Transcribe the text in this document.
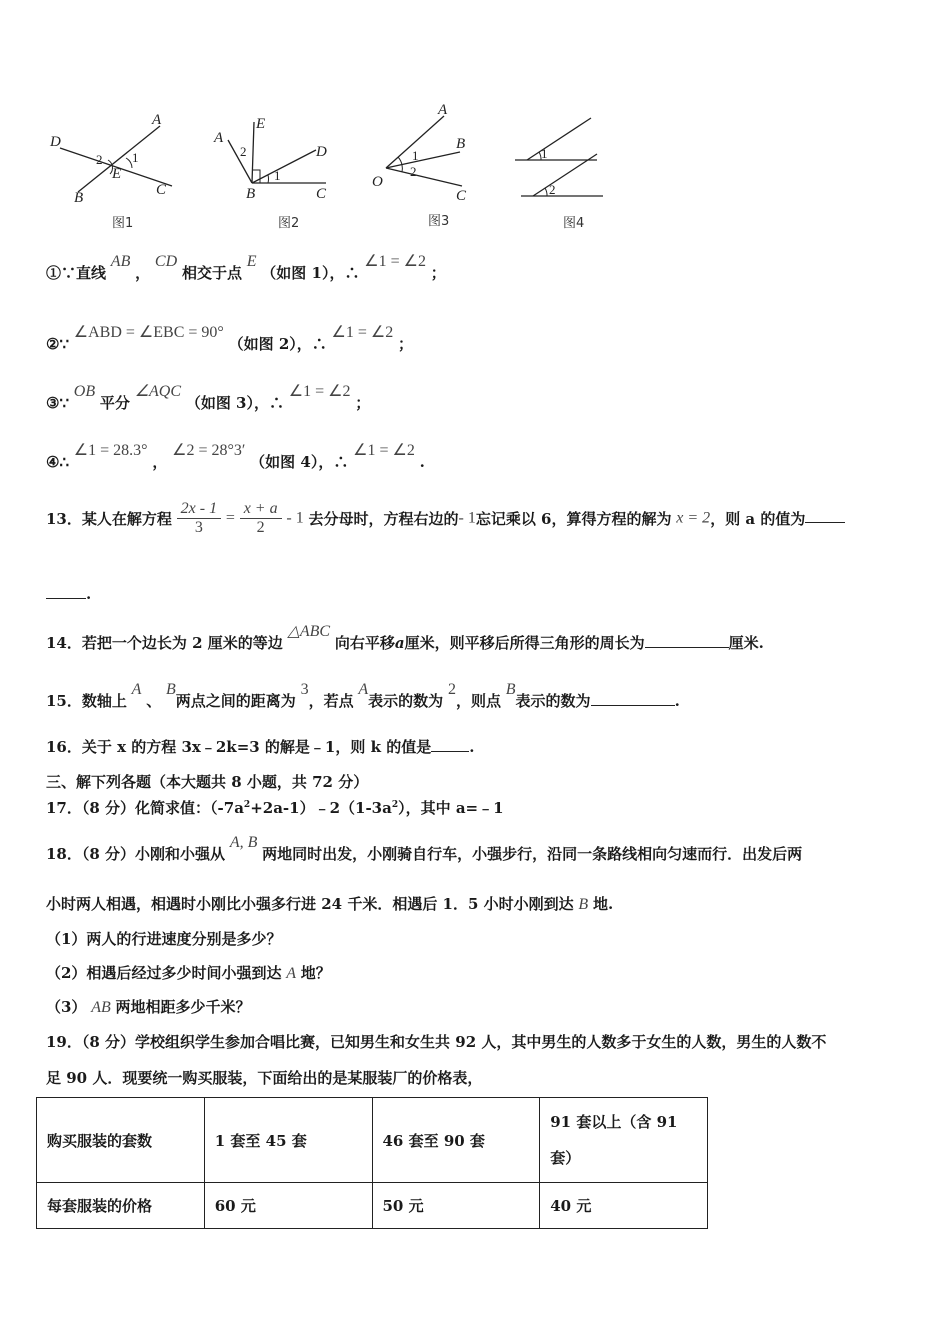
D
A
B	C
E
1
2
图1
A
E
D
B	C
1
2
图2
A
B
O
C
1
2
图3
1
2
图4
①∵直线 AB ， CD 相交于点 E （如图 1），∴ ∠1 = ∠2 ；
②∵ ∠ABD = ∠EBC = 90° （如图 2），∴ ∠1 = ∠2 ；
③∵ OB 平分 ∠AQC （如图 3），∴ ∠1 = ∠2 ；
④∴ ∠1 = 28.3° ， ∠2 = 28°3′ （如图 4），∴ ∠1 = ∠2 .
13．某人在解方程 $\frac{2x - 1}{3} = \frac{x + a}{2} - 1$ 去分母时，方程右边的- 1忘记乘以 6，算得方程的解为 x = 2，则 a 的值为
.
14．若把一个边长为 2 厘米的等边 △ABC 向右平移a厘米，则平移后所得三角形的周长为	厘米.
15．数轴上 A 、 B两点之间的距离为 3，若点 A表示的数为 2，则点 B表示的数为	.
16．关于 x 的方程 3x﹣2k=3 的解是﹣1，则 k 的值是	.
三、解下列各题（本大题共 8 小题，共 72 分）
17．（8 分）化简求值：$(-7a^2+2a-1)﹣2(1-3a^2)$，其中 a=﹣1
18．（8 分）小刚和小强从 A, B 两地同时出发，小刚骑自行车，小强步行，沿同一条路线相向匀速而行．出发后两
小时两人相遇，相遇时小刚比小强多行进 24 千米．相遇后 1．5 小时小刚到达 B 地.
（1）两人的行进速度分别是多少？
（2）相遇后经过多少时间小强到达 A 地？
（3） AB 两地相距多少千米？
19．（8 分）学校组织学生参加合唱比赛，已知男生和女生共 92 人，其中男生的人数多于女生的人数，男生的人数不
足 90 人．现要统一购买服装，下面给出的是某服装厂的价格表，
购买服装的套数	1 套至 45 套	46 套至 90 套	91 套以上（含 91
套）

每套服装的价格	60 元	50 元	40 元
